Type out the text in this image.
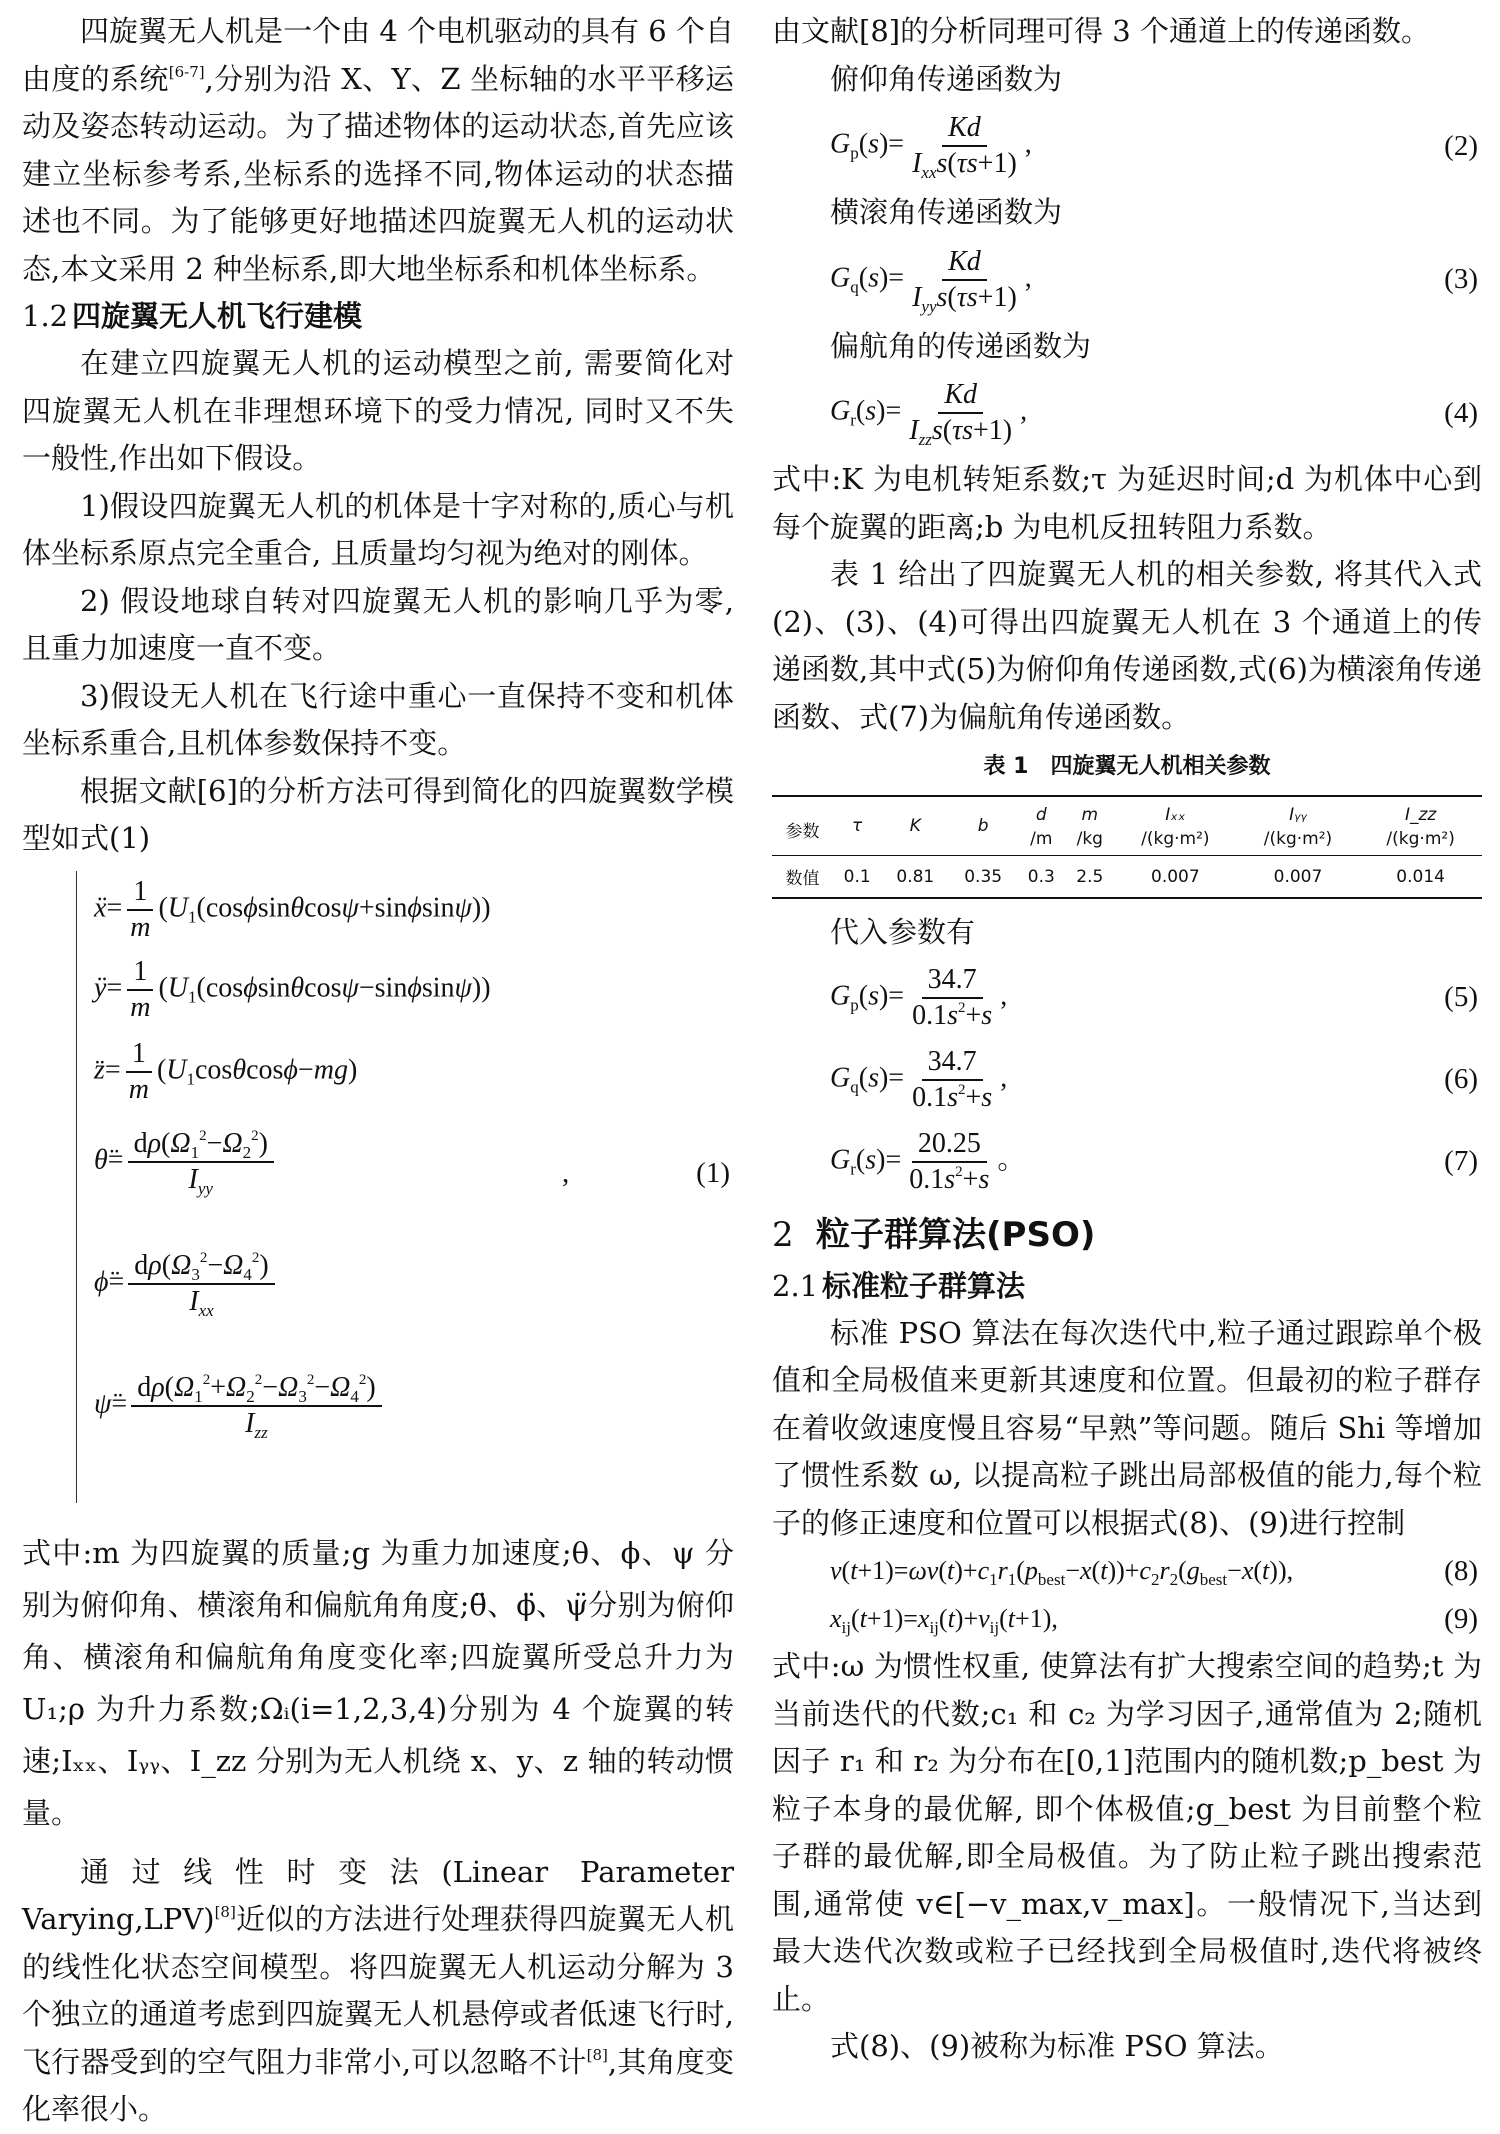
四旋翼无人机是一个由 4 个电机驱动的具有 6 个自由度的系统[6-7],分别为沿 X、Y、Z 坐标轴的水平平移运动及姿态转动运动。为了描述物体的运动状态,首先应该建立坐标参考系,坐标系的选择不同,物体运动的状态描述也不同。为了能够更好地描述四旋翼无人机的运动状态,本文采用 2 种坐标系,即大地坐标系和机体坐标系。

1.2 四旋翼无人机飞行建模

在建立四旋翼无人机的运动模型之前, 需要简化对四旋翼无人机在非理想环境下的受力情况, 同时又不失一般性,作出如下假设。

1)假设四旋翼无人机的机体是十字对称的,质心与机体坐标系原点完全重合, 且质量均匀视为绝对的刚体。

2) 假设地球自转对四旋翼无人机的影响几乎为零,且重力加速度一直不变。

3)假设无人机在飞行途中重心一直保持不变和机体坐标系重合,且机体参数保持不变。

根据文献[6]的分析方法可得到简化的四旋翼数学模型如式(1)

ẍ= $\frac{1}{m} (U_1(\cos\phi\sin\theta\cos\psi+\sin\phi\sin\psi))$
ÿ= $\frac{1}{m} (U_1(\cos\phi\sin\theta\cos\psi-\sin\phi\sin\psi))$
z̈= $\frac{1}{m} (U_1\cos\theta\cos\phi-mg)$
θ̈= $\frac{d\rho(\Omega_1^2-\Omega_2^2)}{I_{yy}}$
ϕ̈= $\frac{d\rho(\Omega_3^2-\Omega_4^2)}{I_{xx}}$
ψ̈= $\frac{d\rho(\Omega_1^2+\Omega_2^2-\Omega_3^2-\Omega_4^2)}{I_{zz}}$
,	(1)

式中:m 为四旋翼的质量;g 为重力加速度;θ、ϕ、ψ 分别为俯仰角、横滚角和偏航角角度;θ̈、ϕ̈、ψ̈分别为俯仰角、横滚角和偏航角角度变化率;四旋翼所受总升力为 U₁;ρ 为升力系数;Ωᵢ(i=1,2,3,4)分别为 4 个旋翼的转速;Iₓₓ、Iᵧᵧ、I_zz 分别为无人机绕 x、y、z 轴的转动惯量。

通过线性时变法(Linear Parameter Varying,LPV)[8]近似的方法进行处理获得四旋翼无人机的线性化状态空间模型。将四旋翼无人机运动分解为 3 个独立的通道考虑到四旋翼无人机悬停或者低速飞行时,飞行器受到的空气阻力非常小,可以忽略不计[8],其角度变化率很小。

由文献[8]的分析同理可得 3 个通道上的传递函数。

俯仰角传递函数为

$G_p(s)= \frac{Kd}{I_{xx}s(\tau s+1)}$ ,	(2)

横滚角传递函数为

$G_q(s)= \frac{Kd}{I_{yy}s(\tau s+1)}$ ,	(3)

偏航角的传递函数为

$G_r(s)= \frac{Kd}{I_{zz}s(\tau s+1)}$ ,	(4)

式中:K 为电机转矩系数;τ 为延迟时间;d 为机体中心到每个旋翼的距离;b 为电机反扭转阻力系数。

表 1 给出了四旋翼无人机的相关参数, 将其代入式(2)、(3)、(4)可得出四旋翼无人机在 3 个通道上的传递函数,其中式(5)为俯仰角传递函数,式(6)为横滚角传递函数、式(7)为偏航角传递函数。

表 1　四旋翼无人机相关参数
参数	τ	K	b	d	m	Iₓₓ	Iᵧᵧ	I_zz
				/m	/kg	/(kg·m²)	/(kg·m²)	/(kg·m²)
数值	0.1	0.81	0.35	0.3	2.5	0.007	0.007	0.014

代入参数有

$G_p(s)= \frac{34.7}{0.1s^2+s}$ ,	(5)
$G_q(s)= \frac{34.7}{0.1s^2+s}$ ,	(6)
$G_r(s)= \frac{20.25}{0.1s^2+s}$ 。	(7)
2 粒子群算法(PSO)
2.1 标准粒子群算法

标准 PSO 算法在每次迭代中,粒子通过跟踪单个极值和全局极值来更新其速度和位置。但最初的粒子群存在着收敛速度慢且容易“早熟”等问题。随后 Shi 等增加了惯性系数 ω, 以提高粒子跳出局部极值的能力,每个粒子的修正速度和位置可以根据式(8)、(9)进行控制

$v(t+1)=\omega v(t)+c_1r_1(p_{best}-x(t))+c_2r_2(g_{best}-x(t))$,	(8)
$x_{ij}(t+1)=x_{ij}(t)+v_{ij}(t+1)$,	(9)

式中:ω 为惯性权重, 使算法有扩大搜索空间的趋势;t 为当前迭代的代数;c₁ 和 c₂ 为学习因子,通常值为 2;随机因子 r₁ 和 r₂ 为分布在[0,1]范围内的随机数;p_best 为粒子本身的最优解, 即个体极值;g_best 为目前整个粒子群的最优解,即全局极值。为了防止粒子跳出搜索范围,通常使 v∈[−v_max,v_max]。一般情况下,当达到最大迭代次数或粒子已经找到全局极值时,迭代将被终止。

式(8)、(9)被称为标准 PSO 算法。
